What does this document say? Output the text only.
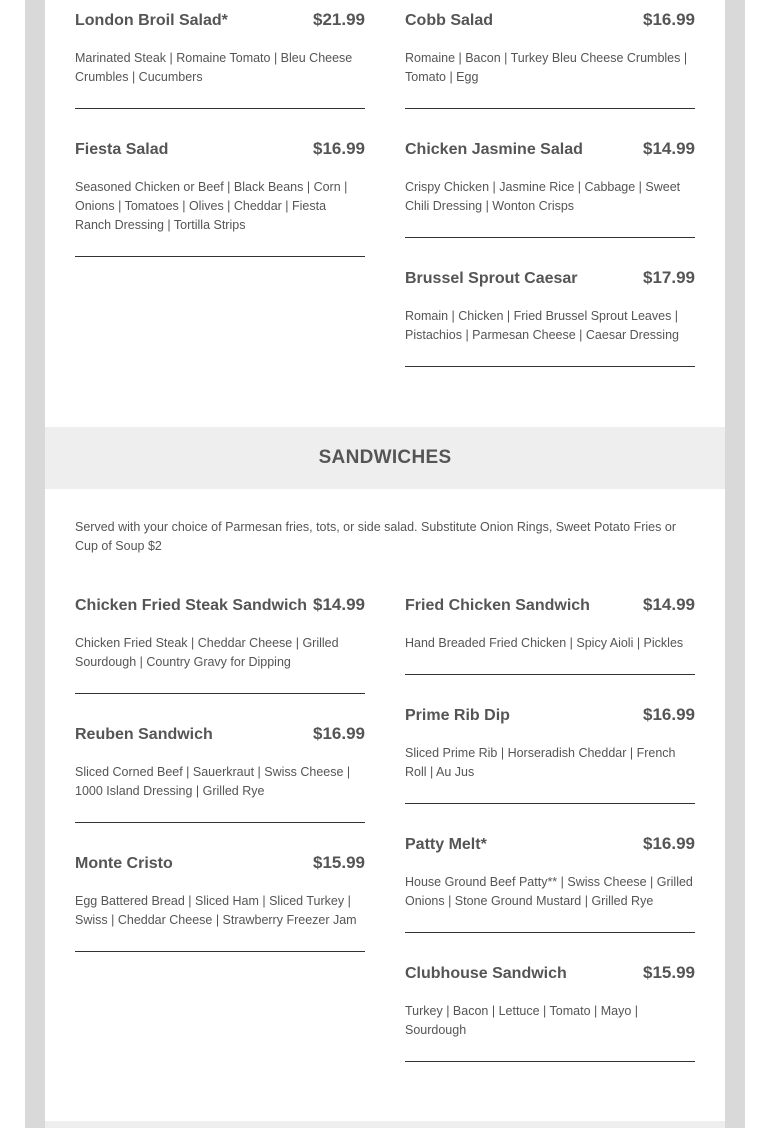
SANDWICHES
Served with your choice of Parmesan fries, tots, or side salad. Substitute Onion Rings, Sweet Potato Fries or Cup of Soup $2
London Broil Salad*	$21.99
Marinated Steak | Romaine Tomato | Bleu Cheese Crumbles | Cucumbers
Fiesta Salad	$16.99
Seasoned Chicken or Beef | Black Beans | Corn | Onions | Tomatoes | Olives | Cheddar | Fiesta Ranch Dressing | Tortilla Strips
Cobb Salad	$16.99
Romaine | Bacon | Turkey Bleu Cheese Crumbles | Tomato | Egg
Chicken Jasmine Salad	$14.99
Crispy Chicken | Jasmine Rice | Cabbage | Sweet Chili Dressing | Wonton Crisps
Brussel Sprout Caesar	$17.99
Romain | Chicken | Fried Brussel Sprout Leaves | Pistachios | Parmesan Cheese | Caesar Dressing
Chicken Fried Steak Sandwich $14.99
Chicken Fried Steak | Cheddar Cheese | Grilled Sourdough | Country Gravy for Dipping
Reuben Sandwich	$16.99
Sliced Corned Beef | Sauerkraut | Swiss Cheese | 1000 Island Dressing | Grilled Rye
Monte Cristo	$15.99
Egg Battered Bread | Sliced Ham | Sliced Turkey | Swiss | Cheddar Cheese | Strawberry Freezer Jam
Fried Chicken Sandwich	$14.99
Hand Breaded Fried Chicken | Spicy Aioli | Pickles
Prime Rib Dip	$16.99
Sliced Prime Rib | Horseradish Cheddar | French Roll | Au Jus
Patty Melt*	$16.99
House Ground Beef Patty** | Swiss Cheese | Grilled Onions | Stone Ground Mustard | Grilled Rye
Clubhouse Sandwich	$15.99
Turkey | Bacon | Lettuce | Tomato | Mayo | Sourdough
